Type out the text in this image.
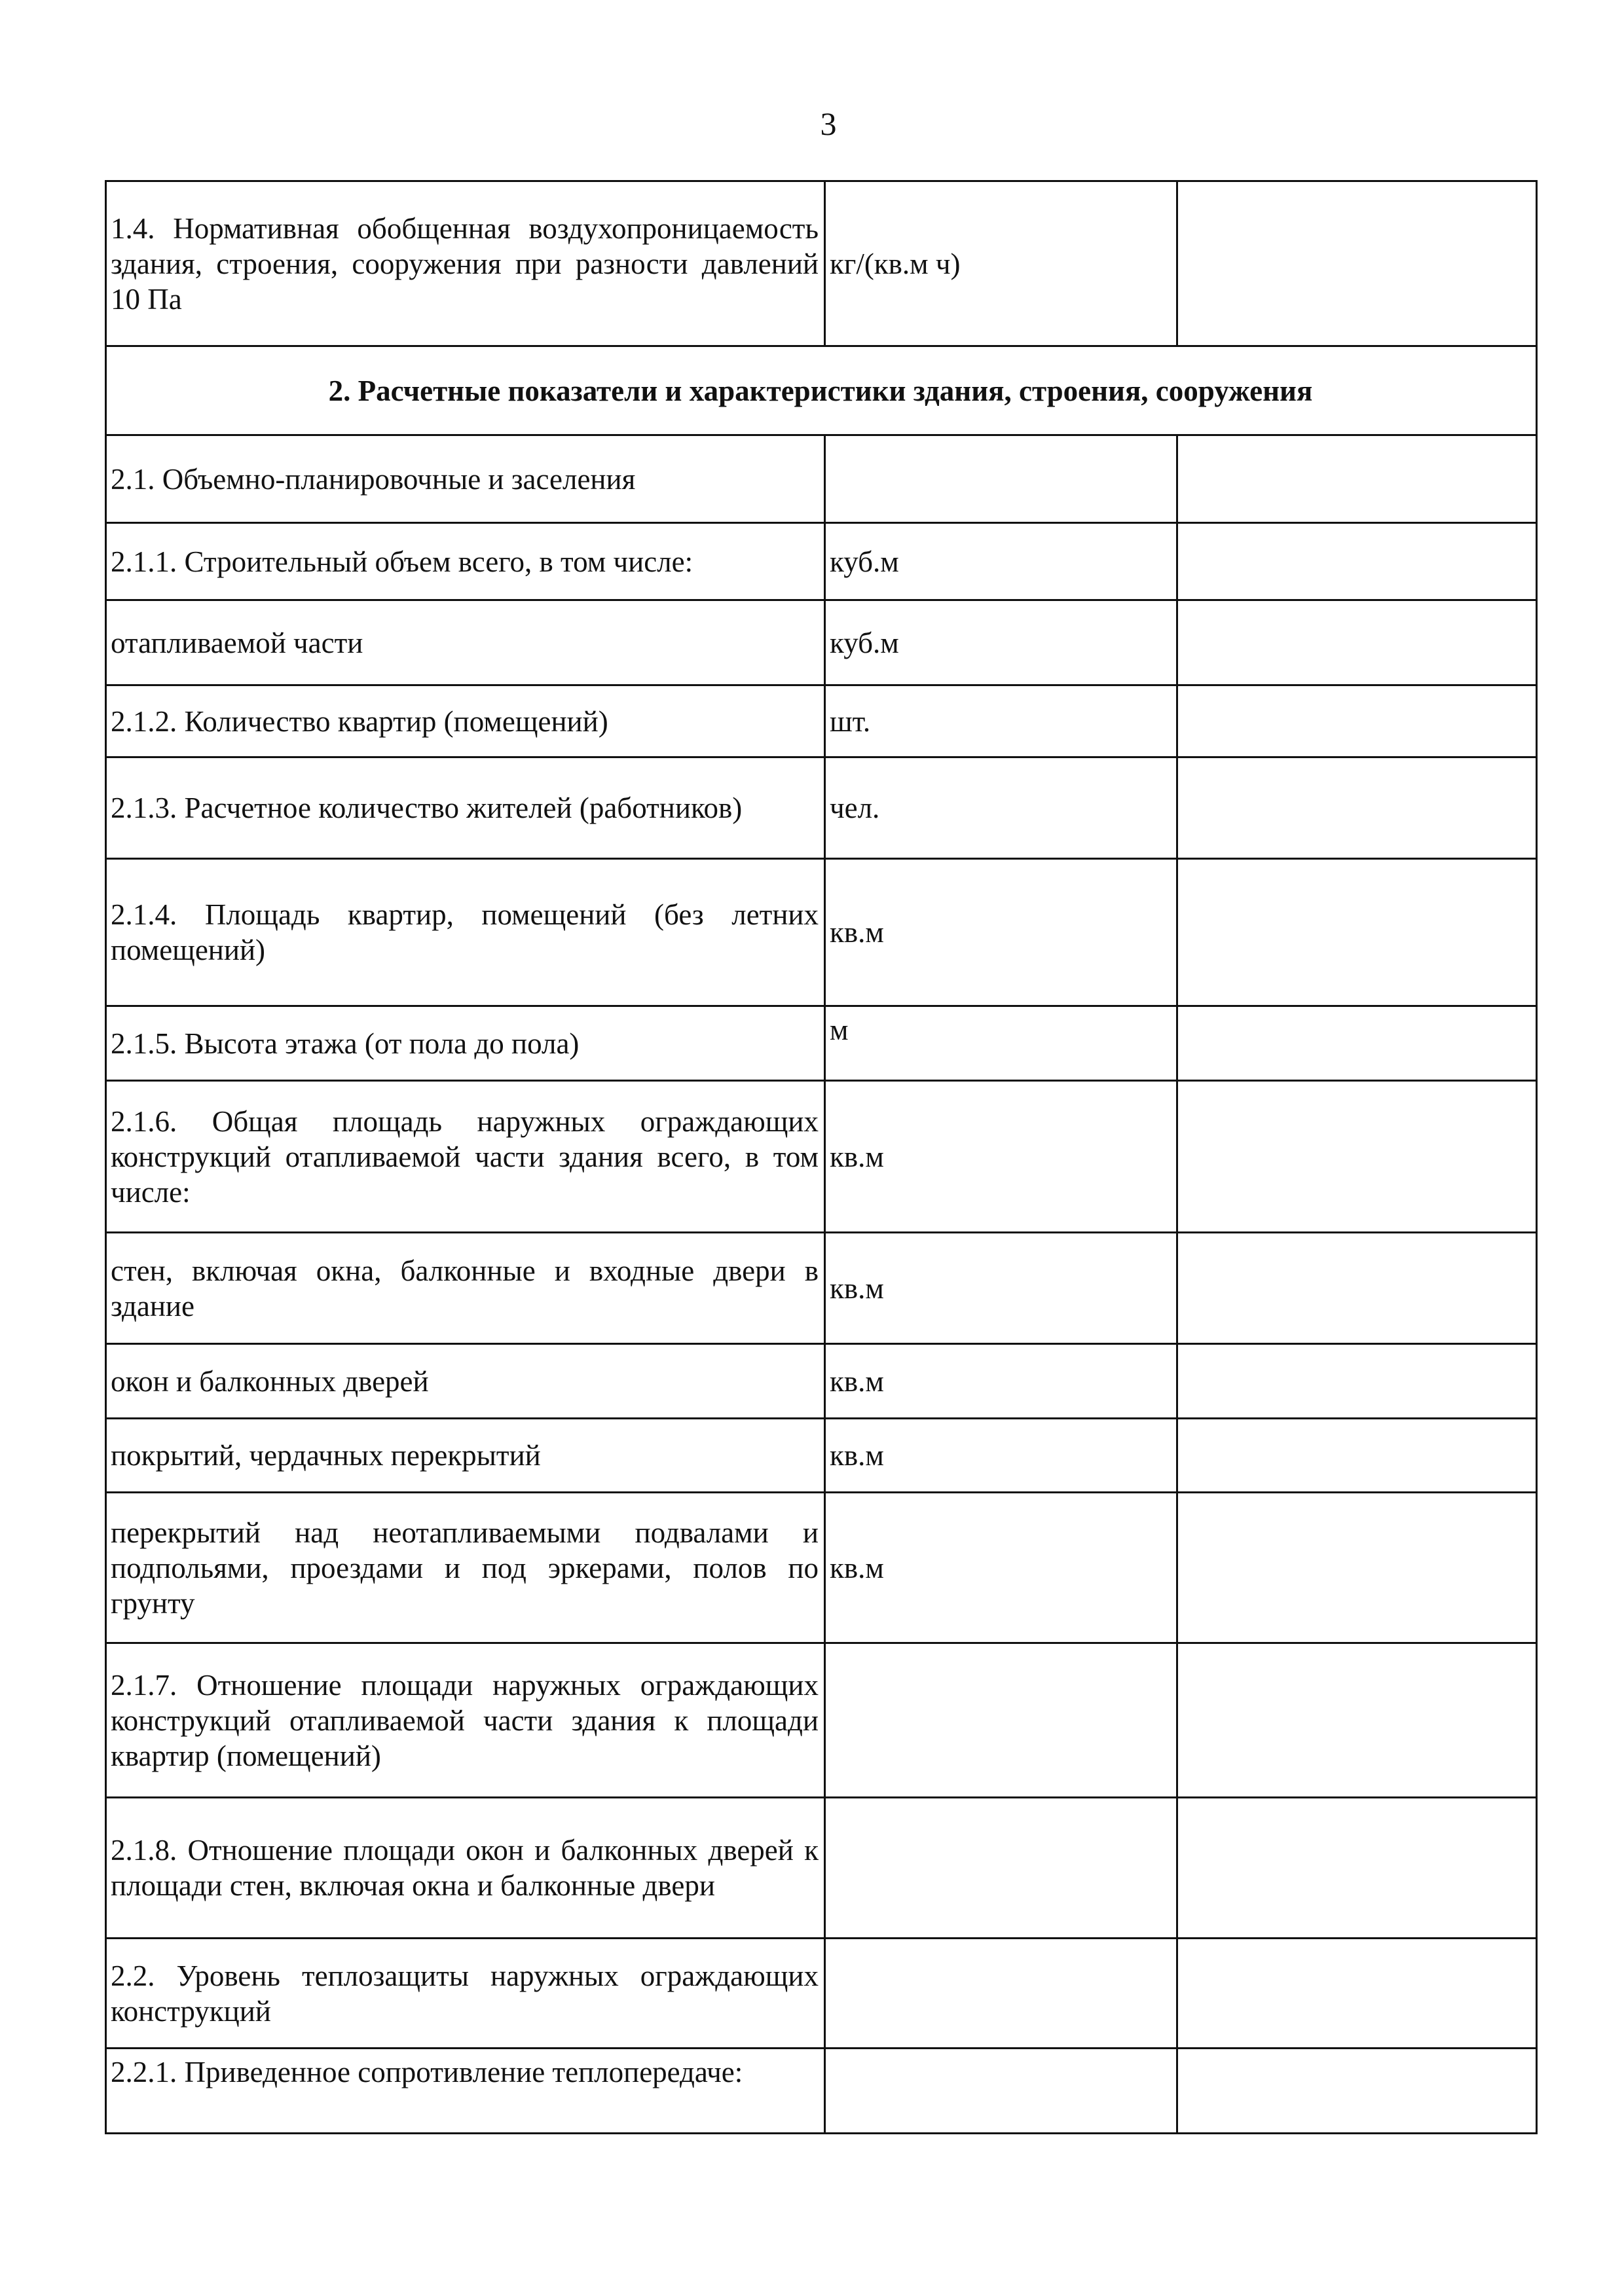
3
1.4. Нормативная обобщенная воздухопроницаемость здания, строения, сооружения при разности давлений 10 Па	кг/(кв.м ч)	
2. Расчетные показатели и характеристики здания, строения, сооружения		
2.1. Объемно-планировочные и заселения		
2.1.1. Строительный объем всего, в том числе:	куб.м	
отапливаемой части	куб.м	
2.1.2. Количество квартир (помещений)	шт.	
2.1.3. Расчетное количество жителей (работников)	чел.	
2.1.4. Площадь квартир, помещений (без летних помещений)	кв.м	
2.1.5. Высота этажа (от пола до пола)	м	
2.1.6. Общая площадь наружных ограждающих конструкций отапливаемой части здания всего, в том числе:	кв.м	
стен, включая окна, балконные и входные двери в здание	кв.м	
окон и балконных дверей	кв.м	
покрытий, чердачных перекрытий	кв.м	
перекрытий над неотапливаемыми подвалами и подпольями, проездами и под эркерами, полов по грунту	кв.м	
2.1.7. Отношение площади наружных ограждающих конструкций отапливаемой части здания к площади квартир (помещений)		
2.1.8. Отношение площади окон и балконных дверей к площади стен, включая окна и балконные двери		
2.2. Уровень теплозащиты наружных ограждающих конструкций		
2.2.1. Приведенное сопротивление теплопередаче:		
